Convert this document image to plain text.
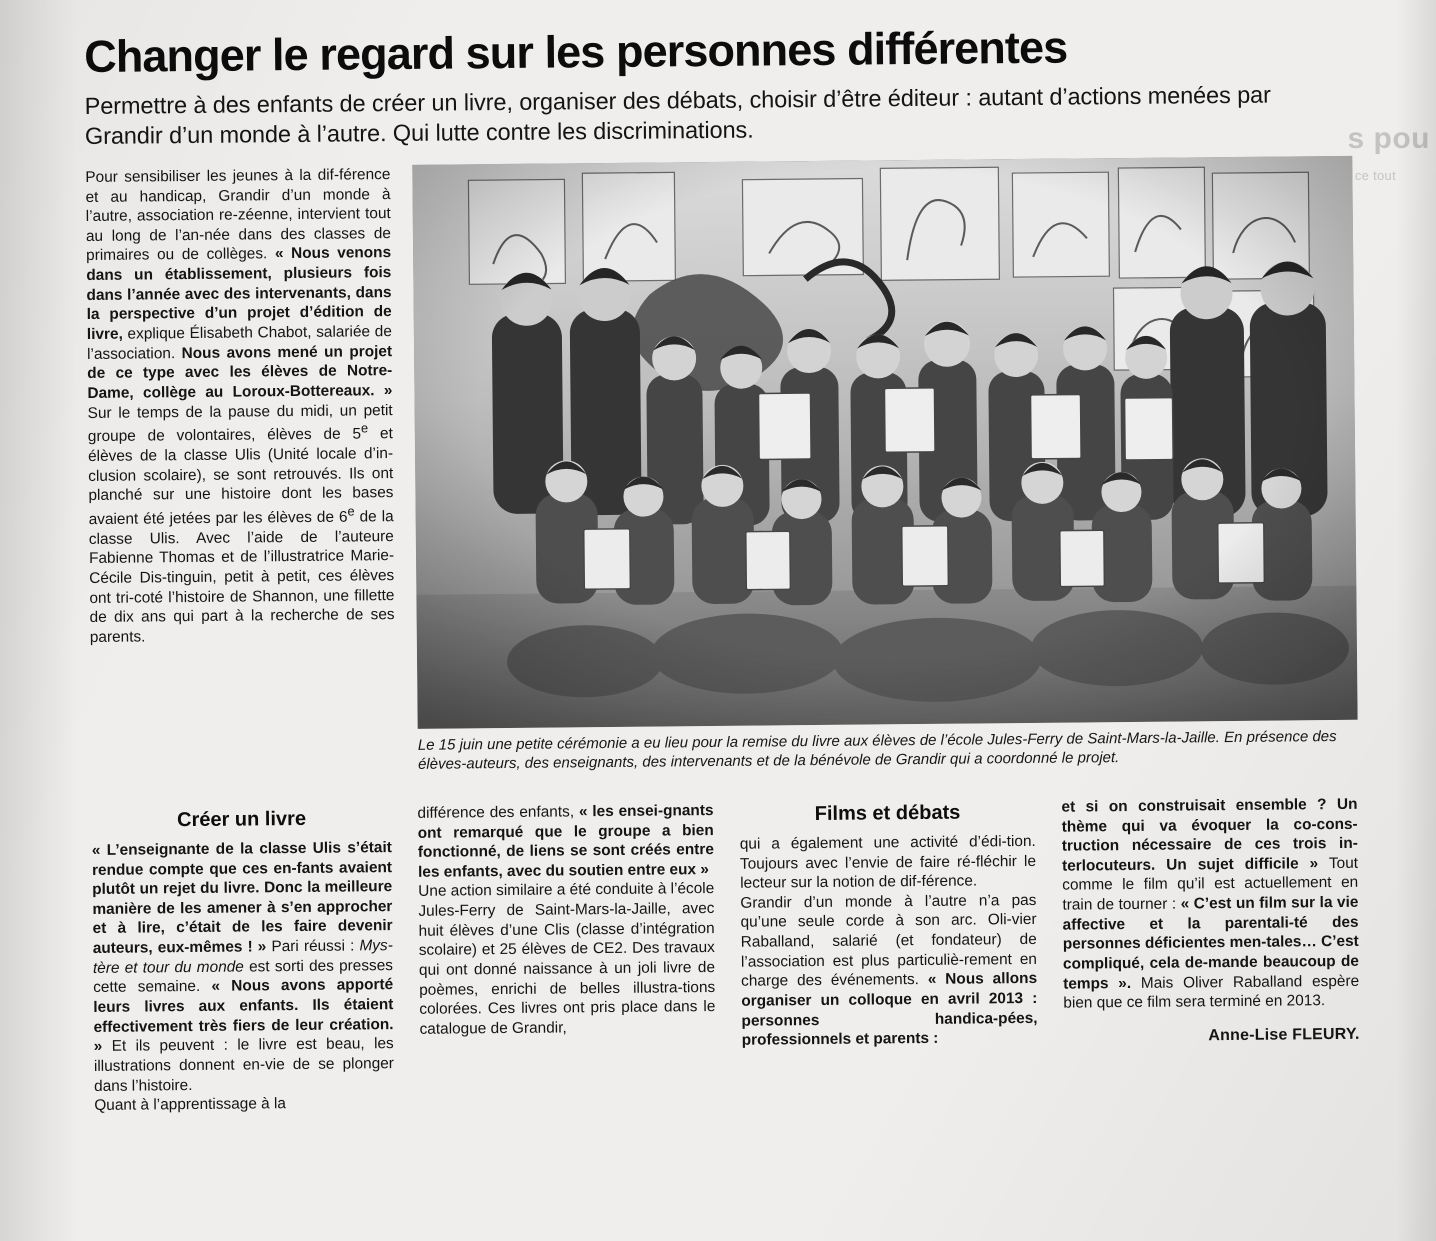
s pou
ce tout
Changer le regard sur les personnes différentes

Permettre à des enfants de créer un livre, organiser des débats, choisir d’être éditeur : autant d’actions menées par Grandir d’un monde à l’autre. Qui lutte contre les discriminations.

Pour sensibiliser les jeunes à la dif-férence et au handicap, Grandir d’un monde à l’autre, association re-zéenne, intervient tout au long de l’an-née dans des classes de primaires ou de collèges. « Nous venons dans un établissement, plusieurs fois dans l’année avec des intervenants, dans la perspective d’un projet d’édition de livre, explique Élisabeth Chabot, salariée de l’association. Nous avons mené un projet de ce type avec les élèves de Notre-Dame, collège au Loroux-Bottereaux. » Sur le temps de la pause du midi, un petit groupe de volontaires, élèves de 5e et élèves de la classe Ulis (Unité locale d’in-clusion scolaire), se sont retrouvés. Ils ont planché sur une histoire dont les bases avaient été jetées par les élèves de 6e de la classe Ulis. Avec l’aide de l’auteure Fabienne Thomas et de l’illustratrice Marie-Cécile Dis-tinguin, petit à petit, ces élèves ont tri-coté l’histoire de Shannon, une fillette de dix ans qui part à la recherche de ses parents.

Le 15 juin une petite cérémonie a eu lieu pour la remise du livre aux élèves de l’école Jules-Ferry de Saint-Mars-la-Jaille. En présence des élèves-auteurs, des enseignants, des intervenants et de la bénévole de Grandir qui a coordonné le projet.

Créer un livre

« L’enseignante de la classe Ulis s’était rendue compte que ces en-fants avaient plutôt un rejet du livre. Donc la meilleure manière de les amener à s’en approcher et à lire, c’était de les faire devenir auteurs, eux-mêmes ! » Pari réussi : Mys-tère et tour du monde est sorti des presses cette semaine. « Nous avons apporté leurs livres aux enfants. Ils étaient effectivement très fiers de leur création. » Et ils peuvent : le livre est beau, les illustrations donnent en-vie de se plonger dans l’histoire.

Quant à l’apprentissage à la

différence des enfants, « les ensei-gnants ont remarqué que le groupe a bien fonctionné, de liens se sont créés entre les enfants, avec du soutien entre eux »

Une action similaire a été conduite à l’école Jules-Ferry de Saint-Mars-la-Jaille, avec huit élèves d’une Clis (classe d’intégration scolaire) et 25 élèves de CE2. Des travaux qui ont donné naissance à un joli livre de poèmes, enrichi de belles illustra-tions colorées. Ces livres ont pris place dans le catalogue de Grandir,

Films et débats

qui a également une activité d’édi-tion. Toujours avec l’envie de faire ré-fléchir le lecteur sur la notion de dif-férence.

Grandir d’un monde à l’autre n’a pas qu’une seule corde à son arc. Oli-vier Raballand, salarié (et fondateur) de l’association est plus particuliè-rement en charge des événements. « Nous allons organiser un colloque en avril 2013 : personnes handica-pées, professionnels et parents :

et si on construisait ensemble ? Un thème qui va évoquer la co-cons-truction nécessaire de ces trois in-terlocuteurs. Un sujet difficile » Tout comme le film qu’il est actuellement en train de tourner : « C’est un film sur la vie affective et la parentali-té des personnes déficientes men-tales… C’est compliqué, cela de-mande beaucoup de temps ». Mais Oliver Raballand espère bien que ce film sera terminé en 2013.

Anne-Lise FLEURY.
